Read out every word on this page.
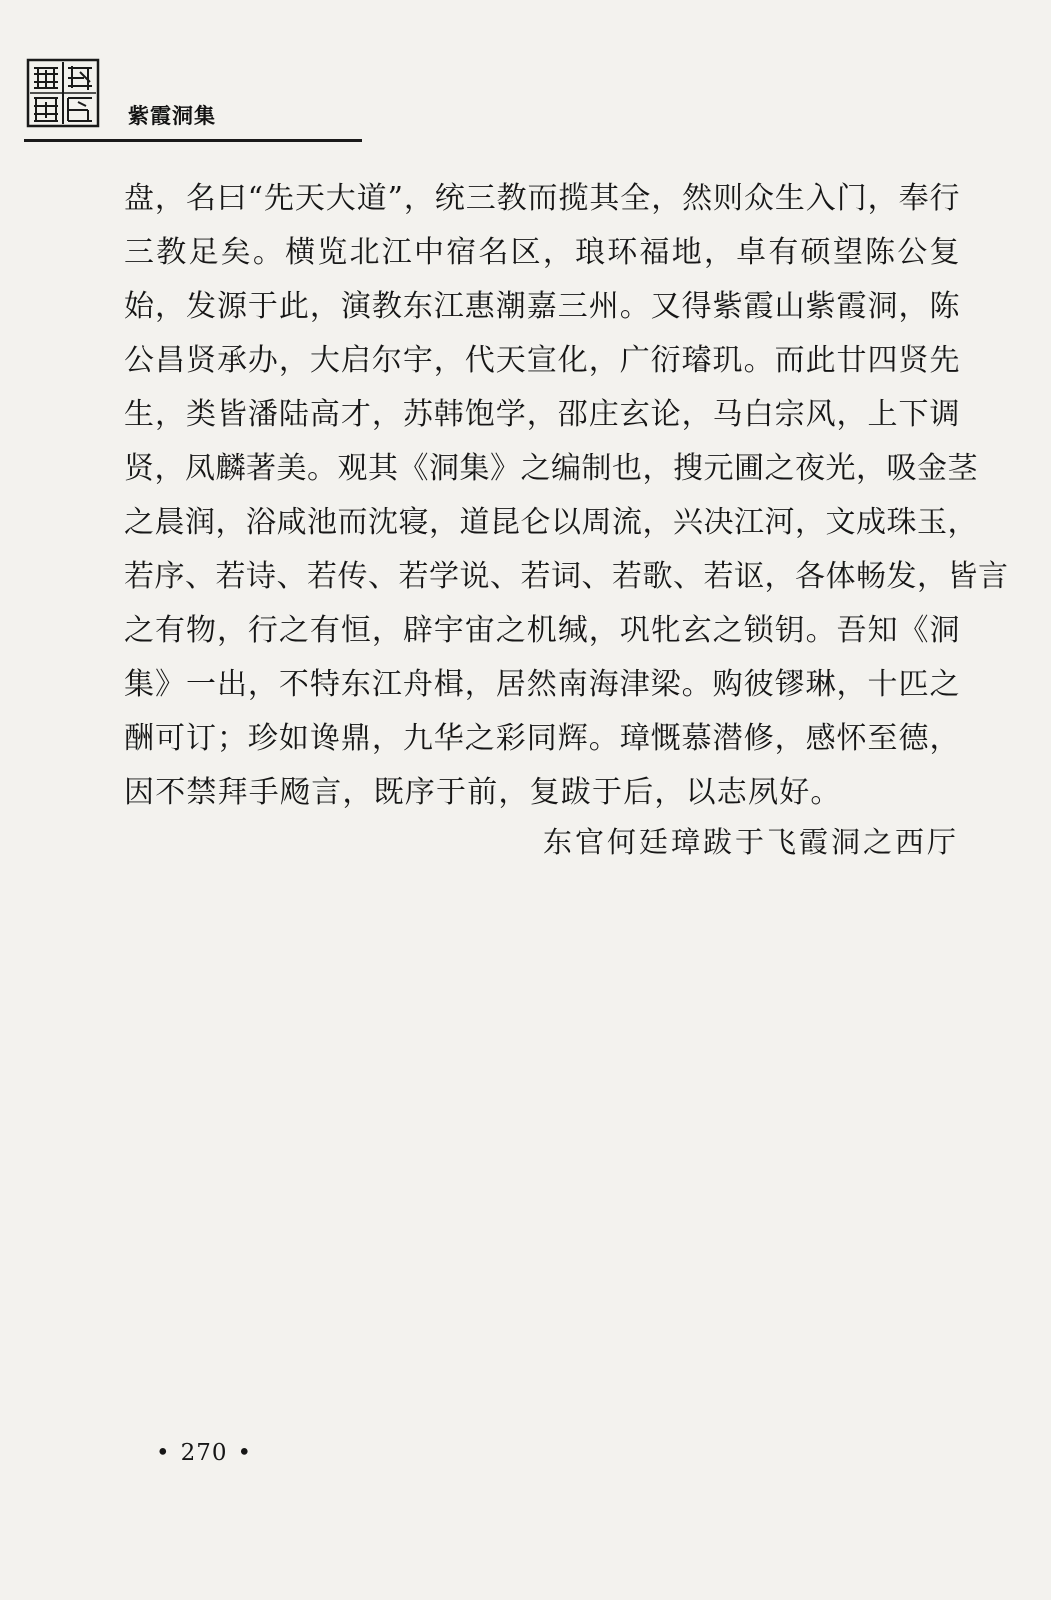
紫霞洞集
盘，名曰“先天大道”，统三教而揽其全，然则众生入门，奉行
三教足矣。横览北江中宿名区，琅环福地，卓有硕望陈公复
始，发源于此，演教东江惠潮嘉三州。又得紫霞山紫霞洞，陈
公昌贤承办，大启尔宇，代天宣化，广衍璿玑。而此廿四贤先
生，类皆潘陆高才，苏韩饱学，邵庄玄论，马白宗风，上下调
贤，凤麟著美。观其《洞集》之编制也，搜元圃之夜光，吸金茎
之晨润，浴咸池而沈寝，道昆仑以周流，兴决江河，文成珠玉，
若序、若诗、若传、若学说、若词、若歌、若讴，各体畅发，皆言
之有物，行之有恒，辟宇宙之机缄，巩牝玄之锁钥。吾知《洞
集》一出，不特东江舟楫，居然南海津梁。购彼镠琳，十匹之
酬可订；珍如谗鼎，九华之彩同辉。璋慨慕潜修，感怀至德，
因不禁拜手飏言，既序于前，复跋于后，以志夙好。
东官何廷璋跋于飞霞洞之西厅
• 270 •
